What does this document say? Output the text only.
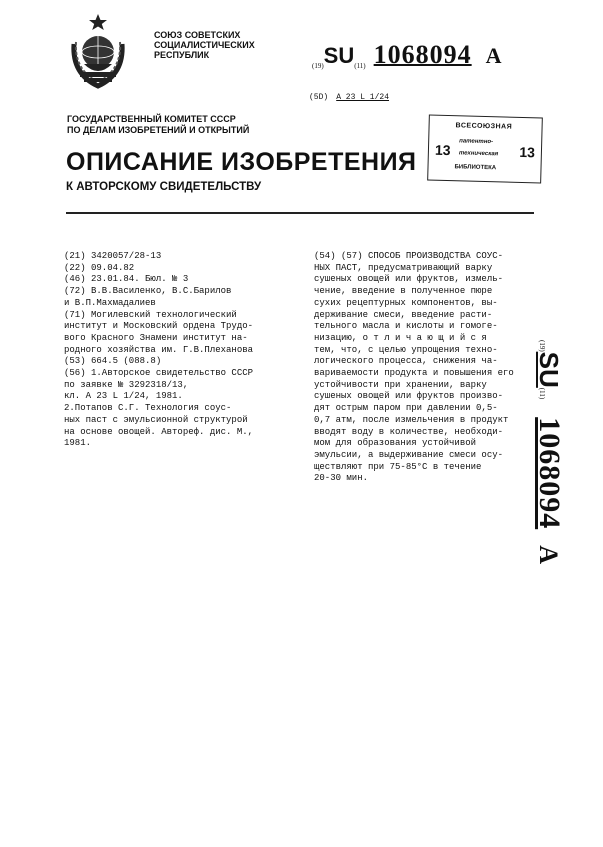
СОЮЗ СОВЕТСКИХ
СОЦИАЛИСТИЧЕСКИХ
РЕСПУБЛИК
(19)SU(11) 1068094 A
(5D) A 23 L 1/24
ГОСУДАРСТВЕННЫЙ КОМИТЕТ СССР
ПО ДЕЛАМ ИЗОБРЕТЕНИЙ И ОТКРЫТИЙ
13	13
ВСЕСОЮЗНАЯ
патентно-
техническая
БИБЛИОТЕКА
ОПИСАНИЕ ИЗОБРЕТЕНИЯ
К АВТОРСКОМУ СВИДЕТЕЛЬСТВУ
(21) 3420057/28-13
(22) 09.04.82
(46) 23.01.84. Бюл. № 3
(72) В.В.Василенко, В.С.Барилов
и В.П.Махмадалиев
(71) Могилевский технологический
институт и Московский ордена Трудо-
вого Красного Знамени институт на-
родного хозяйства им. Г.В.Плеханова
(53) 664.5 (088.8)
(56) 1.Авторское свидетельство СССР
по заявке № 3292318/13,
кл. А 23 L 1/24, 1981.
2.Потапов С.Г. Технология соус-
ных паст с эмульсионной структурой
на основе овощей. Автореф. дис. М.,
1981.
(54) (57) СПОСОБ ПРОИЗВОДСТВА СОУС-
НЫХ ПАСТ, предусматривающий варку
сушеных овощей или фруктов, измель-
чение, введение в полученное пюре
сухих рецептурных компонентов, вы-
держивание смеси, введение расти-
тельного масла и кислоты и гомоге-
низацию, о т л и ч а ю щ и й с я
тем, что, с целью упрощения техно-
логического процесса, снижения ча-
вариваемости продукта и повышения его
устойчивости при хранении, варку
сушеных овощей или фруктов произво-
дят острым паром при давлении 0,5-
0,7 атм, после измельчения в продукт
вводят воду в количестве, необходи-
мом для образования устойчивой
эмульсии, а выдерживание смеси осу-
ществляют при 75-85°С в течение
20-30 мин.
(19)SU(11)1068094A
